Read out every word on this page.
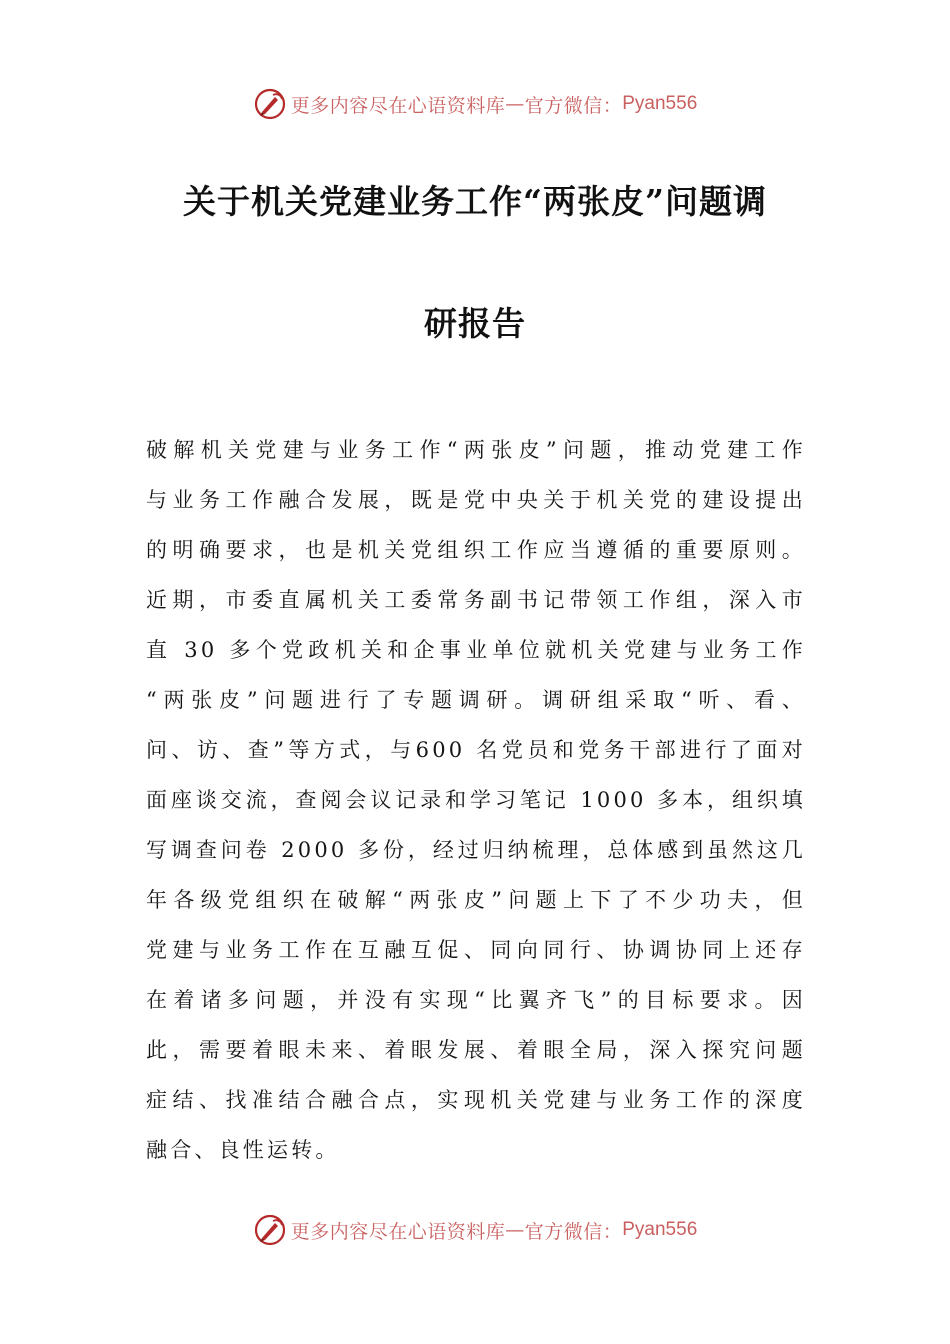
更多内容尽在心语资料库 — 官方微信： Pyan556
关于机关党建业务工作“两张皮”问题调
研报告
破解机关党建与业务工作“两张皮”问题，推动党建工作
与业务工作融合发展，既是党中央关于机关党的建设提出
的明确要求，也是机关党组织工作应当遵循的重要原则。
近期，市委直属机关工委常务副书记带领工作组，深入市
直 30 多个党政机关和企事业单位就机关党建与业务工作
“两张皮”问题进行了专题调研。调研组采取“听、看、
问、访、查”等方式，与600 名党员和党务干部进行了面对
面座谈交流，查阅会议记录和学习笔记 1000 多本，组织填
写调查问卷 2000 多份，经过归纳梳理，总体感到虽然这几
年各级党组织在破解“两张皮”问题上下了不少功夫，但
党建与业务工作在互融互促、同向同行、协调协同上还存
在着诸多问题，并没有实现“比翼齐飞”的目标要求。因
此，需要着眼未来、着眼发展、着眼全局，深入探究问题
症结、找准结合融合点，实现机关党建与业务工作的深度
融合、良性运转。
更多内容尽在心语资料库 — 官方微信： Pyan556
